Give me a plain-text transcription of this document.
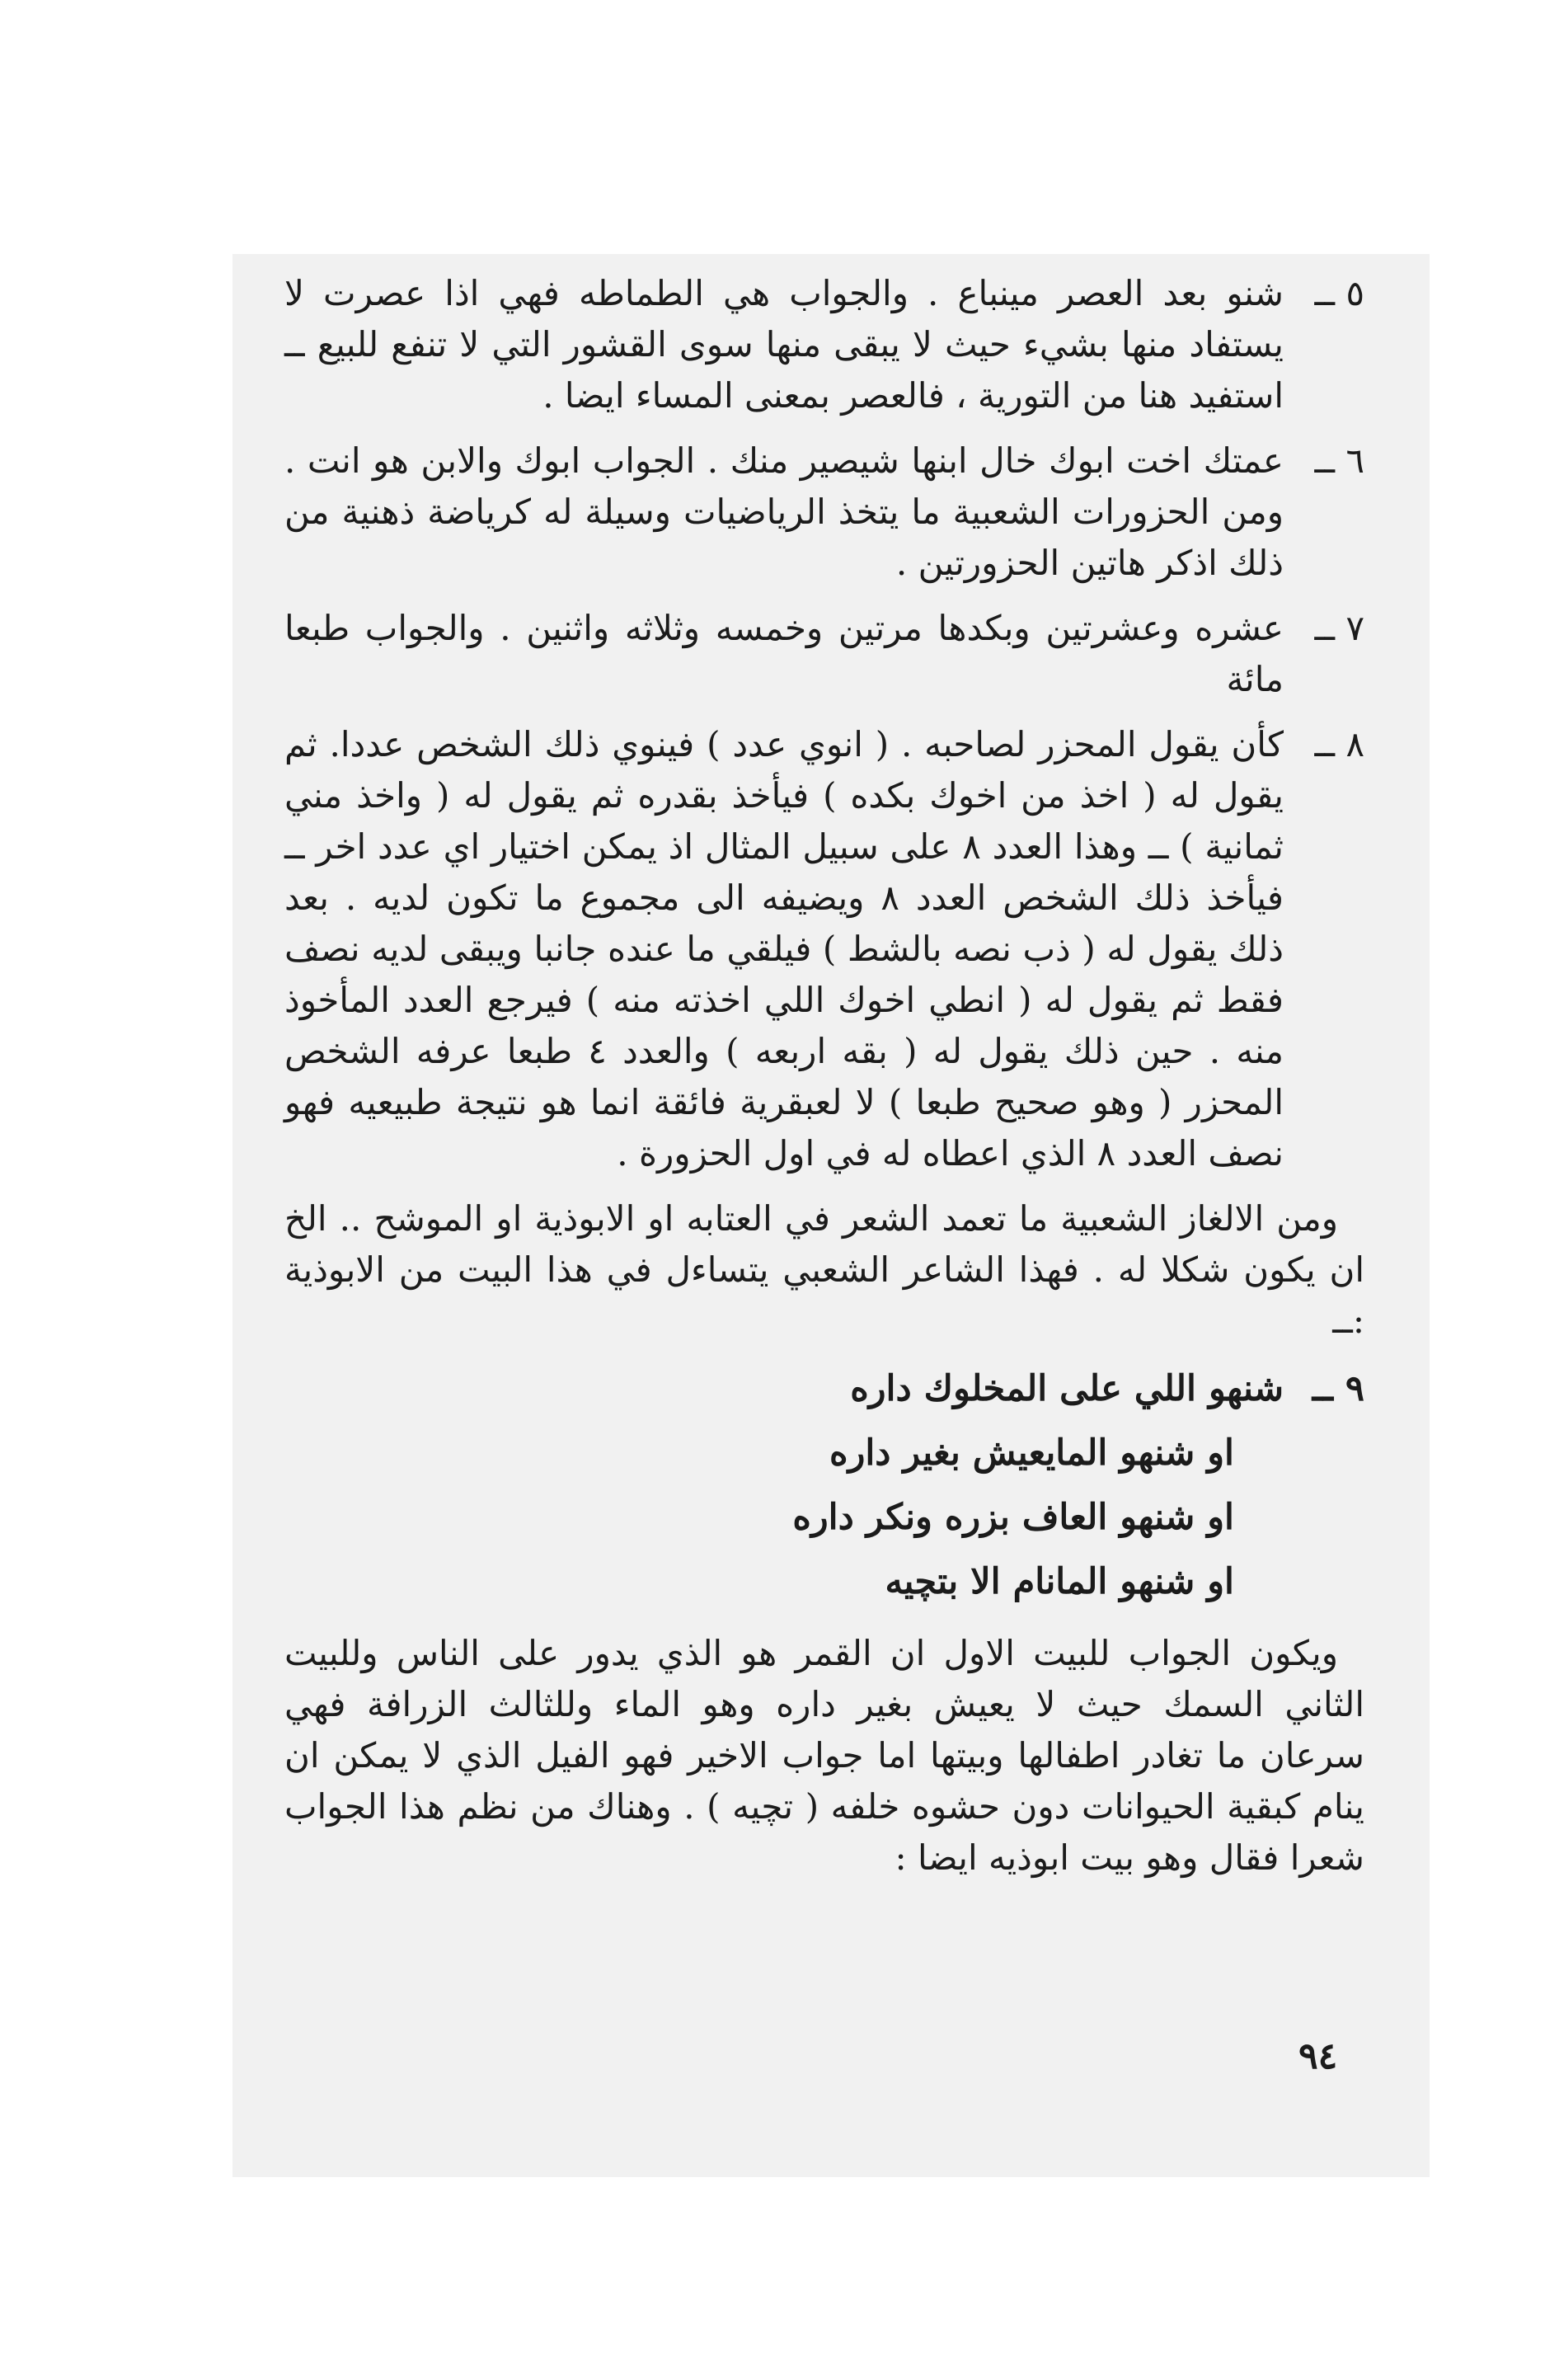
٥ ــ
شنو بعد العصر مينباع . والجواب هي الطماطه فهي اذا عصرت لا يستفاد منها بشيء حيث لا يبقى منها سوى القشور التي لا تنفع للبيع ــ استفيد هنا من التورية ، فالعصر بمعنى المساء ايضا .
٦ ــ
عمتك اخت ابوك خال ابنها شيصير منك . الجواب ابوك والابن هو انت . ومن الحزورات الشعبية ما يتخذ الرياضيات وسيلة له كرياضة ذهنية من ذلك اذكر هاتين الحزورتين .
٧ ــ
عشره وعشرتين وبكدها مرتين وخمسه وثلاثه واثنين . والجواب طبعا مائة
٨ ــ
كأن يقول المحزر لصاحبه . ( انوي عدد ) فينوي ذلك الشخص عددا. ثم يقول له ( اخذ من اخوك بكده ) فيأخذ بقدره ثم يقول له ( واخذ مني ثمانية ) ــ وهذا العدد ٨ على سبيل المثال اذ يمكن اختيار اي عدد اخر ــ فيأخذ ذلك الشخص العدد ٨ ويضيفه الى مجموع ما تكون لديه . بعد ذلك يقول له ( ذب نصه بالشط ) فيلقي ما عنده جانبا ويبقى لديه نصف فقط ثم يقول له ( انطي اخوك اللي اخذته منه ) فيرجع العدد المأخوذ منه . حين ذلك يقول له ( بقه اربعه ) والعدد ٤ طبعا عرفه الشخص المحزر ( وهو صحيح طبعا ) لا لعبقرية فائقة انما هو نتيجة طبيعيه فهو نصف العدد ٨ الذي اعطاه له في اول الحزورة .
ومن الالغاز الشعبية ما تعمد الشعر في العتابه او الابوذية او الموشح .. الخ ان يكون شكلا له . فهذا الشاعر الشعبي يتساءل في هذا البيت من الابوذية :ــ
٩ ــ
شنهو اللي على المخلوك داره
او شنهو المايعيش بغير داره
او شنهو العاف بزره ونكر داره
او شنهو المانام الا بتچيه
ويكون الجواب للبيت الاول ان القمر هو الذي يدور على الناس وللبيت الثاني السمك حيث لا يعيش بغير داره وهو الماء وللثالث الزرافة فهي سرعان ما تغادر اطفالها وبيتها اما جواب الاخير فهو الفيل الذي لا يمكن ان ينام كبقية الحيوانات دون حشوه خلفه ( تچيه ) . وهناك من نظم هذا الجواب شعرا فقال وهو بيت ابوذيه ايضا :
٩٤
